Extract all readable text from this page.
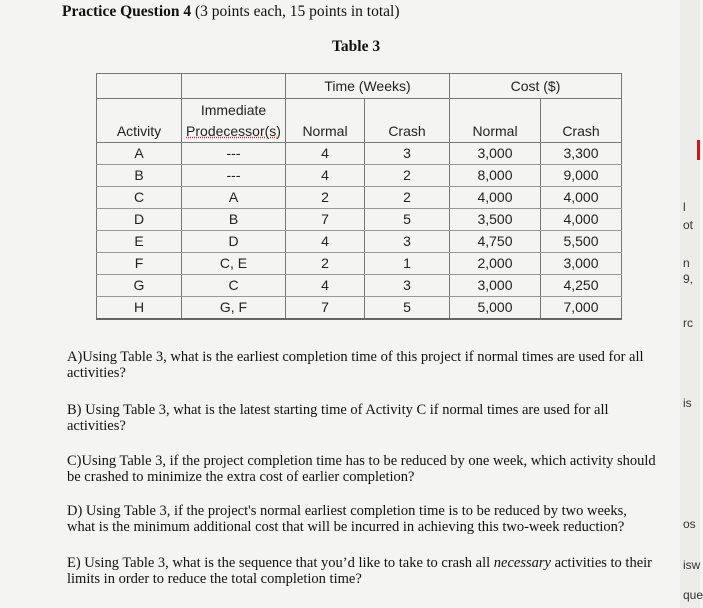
Practice Question 4 (3 points each, 15 points in total)
Table 3
		Time (Weeks)		Cost ($)	
	Immediate				
Activity	Prodecessor(s)	Normal	Crash	Normal	Crash
A	---	4	3	3,000	3,300
B	---	4	2	8,000	9,000
C	A	2	2	4,000	4,000
D	B	7	5	3,500	4,000
E	D	4	3	4,750	5,500
F	C, E	2	1	2,000	3,000
G	C	4	3	3,000	4,250
H	G, F	7	5	5,000	7,000
A)Using Table 3, what is the earliest completion time of this project if normal times are used for all activities?
B) Using Table 3, what is the latest starting time of Activity C if normal times are used for all activities?
C)Using Table 3, if the project completion time has to be reduced by one week, which activity should be crashed to minimize the extra cost of earlier completion?
D) Using Table 3, if the project's normal earliest completion time is to be reduced by two weeks, what is the minimum additional cost that will be incurred in achieving this two-week reduction?
E) Using Table 3, what is the sequence that you’d like to take to crash all necessary activities to their limits in order to reduce the total completion time?
l
ot
n
9,
rc
is
os
isw
que
